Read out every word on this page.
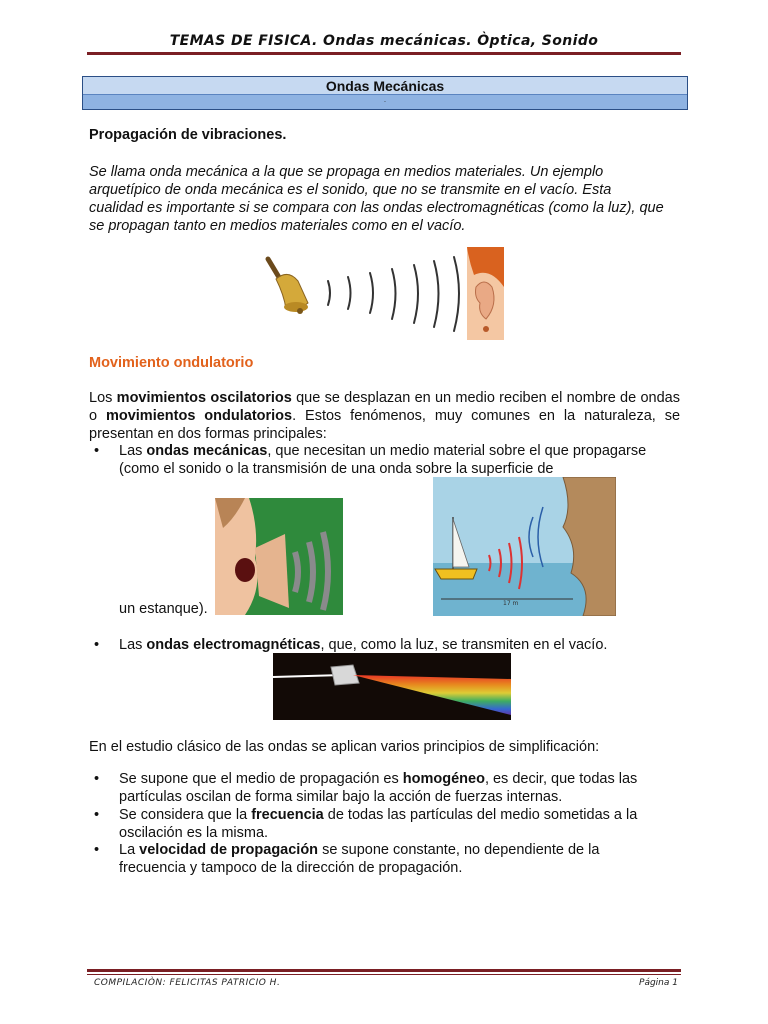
TEMAS DE FISICA. Ondas mecánicas. Òptica, Sonido
Ondas Mecánicas
.
Propagación de vibraciones.
Se llama onda mecánica a la que se propaga en medios materiales. Un ejemplo arquetípico de onda mecánica es el sonido, que no se transmite en el vacío. Esta cualidad es importante si se compara con las ondas electromagnéticas (como la luz), que se propagan tanto en medios materiales como en el vacío.
Movimiento ondulatorio
Los movimientos oscilatorios que se desplazan en un medio reciben el nombre de ondas o movimientos ondulatorios. Estos fenómenos, muy comunes en la naturaleza, se presentan en dos formas principales:
• Las ondas mecánicas, que necesitan un medio material sobre el que propagarse (como el sonido o la transmisión de una onda sobre la superficie de
17 m
un estanque).
• Las ondas electromagnéticas, que, como la luz, se transmiten en el vacío.
En el estudio clásico de las ondas se aplican varios principios de simplificación:
• Se supone que el medio de propagación es homogéneo, es decir, que todas las partículas oscilan de forma similar bajo la acción de fuerzas internas.
• Se considera que la frecuencia de todas las partículas del medio sometidas a la oscilación es la misma.
• La velocidad de propagación se supone constante, no dependiente de la frecuencia y tampoco de la dirección de propagación.
COMPILACIÒN: FELICITAS PATRICIO H.	Página 1
